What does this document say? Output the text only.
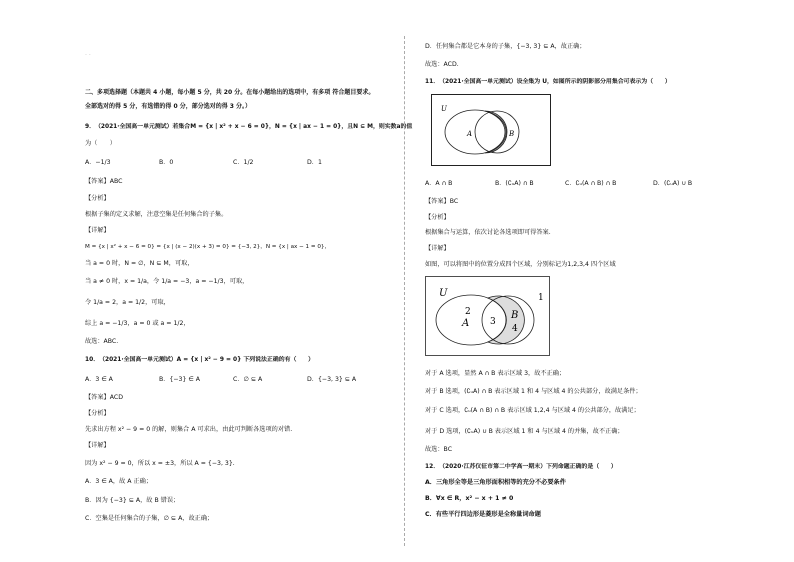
· ·
二、多项选择题（本题共 4 小题，每小题 5 分，共 20 分。在每小题给出的选项中，有多项 符合题目要求。
全部选对的得 5 分，有选错的得 0 分，部分选对的得 3 分。）
9．（2021·全国高一单元测试）若集合M = {x | x² + x − 6 = 0}，N = {x | ax − 1 = 0}，且N ⊆ M，则实数a的值
为（　　）
A．−1/3	B．0	C．1/2	D．1
【答案】ABC
【分析】
根据子集的定义求解，注意空集是任何集合的子集。
【详解】
M = {x | x² + x − 6 = 0} = {x | (x − 2)(x + 3) = 0} = {−3, 2}，N = {x | ax − 1 = 0}，
当 a = 0 时，N = ∅，N ⊆ M，可取，
当 a ≠ 0 时，x = 1/a，令 1/a = −3，a = −1/3，可取，
令 1/a = 2，a = 1/2，可取，
综上 a = −1/3，a = 0 或 a = 1/2，
故选：ABC.
10．（2021·全国高一单元测试）A = {x | x² − 9 = 0} 下列说法正确的有（　　）
A．3 ∈ A	B．{−3} ∈ A	C．∅ ⊆ A	D．{−3, 3} ⊆ A
【答案】ACD
【分析】
先求出方程 x² − 9 = 0 的解，则集合 A 可求出，由此可判断各选项的对错.
【详解】
因为 x² − 9 = 0，所以 x = ±3，所以 A = {−3, 3}.
A．3 ∈ A，故 A 正确；
B．因为 {−3} ⊆ A，故 B 错误；
C．空集是任何集合的子集，∅ ⊆ A，故正确；
D．任何集合都是它本身的子集，{−3, 3} ⊆ A，故正确；
故选：ACD.
11．（2021·全国高一单元测试）设全集为 U，如图所示的阴影部分用集合可表示为（　　）
U
A	B
A．A ∩ B	B．(∁ᵤA) ∩ B	C．∁ᵤ(A ∩ B) ∩ B	D．(∁ᵤA) ∪ B
【答案】BC
【分析】
根据集合与运算，依次讨论各选项即可得答案.
【详解】
如图，可以将图中的位置分成四个区域，分别标记为1,2,3,4 四个区域
U	1
2
A 3
B
4
对于 A 选项，显然 A ∩ B 表示区域 3，故不正确；
对于 B 选项，(∁ᵤA) ∩ B 表示区域 1 和 4 与区域 4 的公共部分，故满足条件；
对于 C 选项，∁ᵤ(A ∩ B) ∩ B 表示区域 1,2,4 与区域 4 的公共部分，故满足；
对于 D 选项，(∁ᵤA) ∪ B 表示区域 1 和 4 与区域 4 的并集，故不正确；
故选：BC
12．（2020·江苏仪征市第二中学高一期末）下列命题正确的是（　　）
A．三角形全等是三角形面积相等的充分不必要条件
B．∀x ∈ R，x² − x + 1 ≠ 0
C．有些平行四边形是菱形是全称量词命题
